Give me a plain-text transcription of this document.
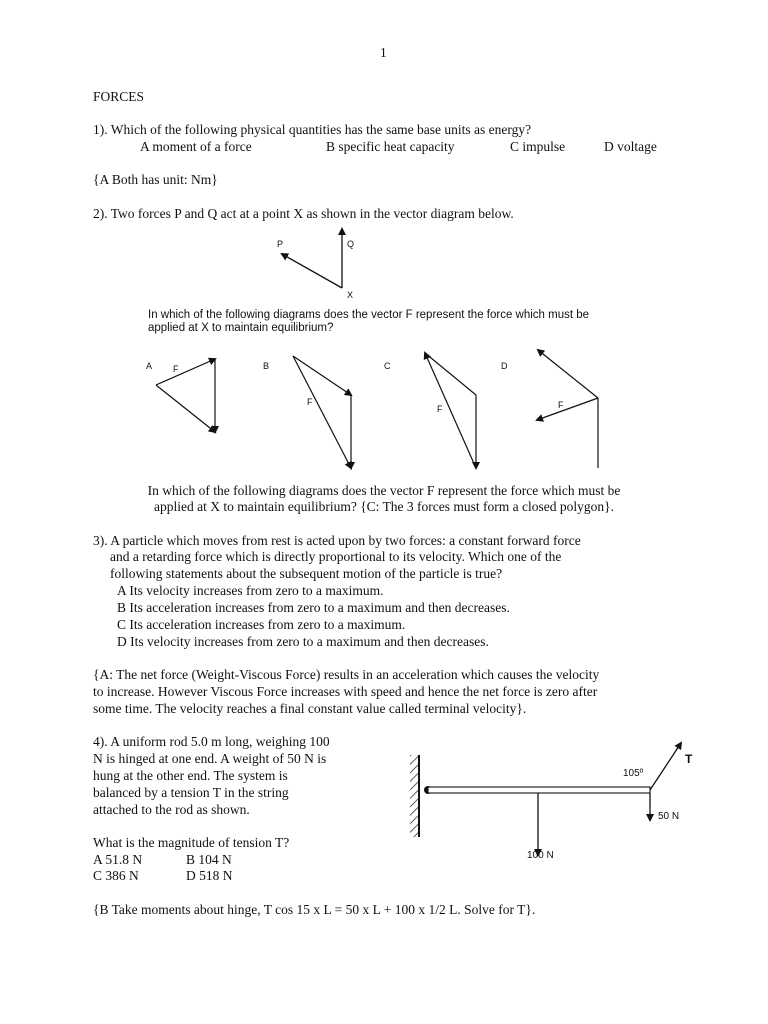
1
FORCES
1). Which of the following physical quantities has the same base units as energy?
A moment of a force	B specific heat capacity	C impulse	D voltage
{A Both has unit: Nm}
2). Two forces P and Q act at a point X as shown in the vector diagram below.
P	Q
X
In which of the following diagrams does the vector F represent the force which must be
applied at X to maintain equilibrium?
A F	B
F
C
F
D
F
In which of the following diagrams does the vector F represent the force which must be
applied at X to maintain equilibrium? {C: The 3 forces must form a closed polygon}.
3). A particle which moves from rest is acted upon by two forces: a constant forward force
and a retarding force which is directly proportional to its velocity. Which one of the
following statements about the subsequent motion of the particle is true?
A Its velocity increases from zero to a maximum.
B Its acceleration increases from zero to a maximum and then decreases.
C Its acceleration increases from zero to a maximum.
D Its velocity increases from zero to a maximum and then decreases.
{A: The net force (Weight-Viscous Force) results in an acceleration which causes the velocity
to increase. However Viscous Force increases with speed and hence the net force is zero after
some time. The velocity reaches a final constant value called terminal velocity}.
4). A uniform rod 5.0 m long, weighing 100
N is hinged at one end. A weight of 50 N is
hung at the other end. The system is
balanced by a tension T in the string
attached to the rod as shown.
What is the magnitude of tension T?
A 51.8 N	B 104 N
C 386 N	D 518 N
105º
T
50 N
100 N
{B Take moments about hinge, T cos 15 x L = 50 x L + 100 x 1/2 L. Solve for T}.
